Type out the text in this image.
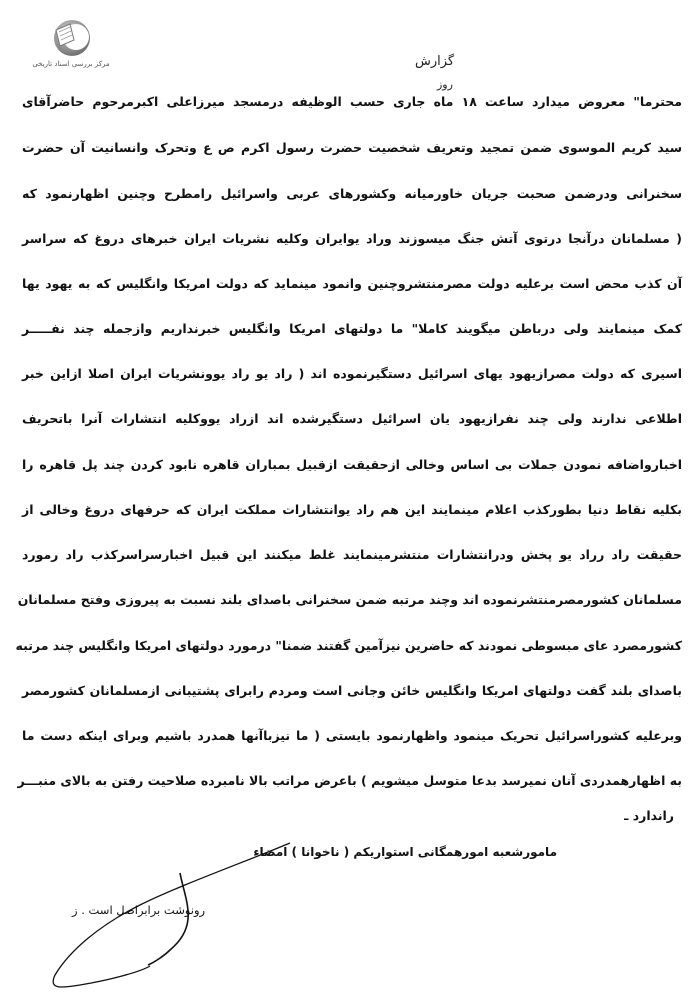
مرکز بررسی اسناد تاریخی	گزارش
روز
محترما" معروض میدارد ساعت ۱۸ ماه جاری حسب الوظیفه درمسجد میرزاعلی اکبرمرحوم حاضرآقای
سید کریم الموسوی ضمن تمجید وتعریف شخصیت حضرت رسول اکرم ص ع وتحرک وانسانیت آن حضرت
سخنرانی ودرضمن صحبت جریان خاورمیانه وکشورهای عربی واسرائیل رامطرح وچنین اظهارنمود که
( مسلمانان درآنجا درتوی آتش جنگ میسوزند وراد یوایران وکلیه نشریات ایران خبرهای دروغ که سراسر
آن کذب محض است برعلیه دولت مصرمنتشروچنین وانمود مینماید که دولت امریکا وانگلیس که به یهود یها
کمک مینمایند ولی درباطن میگویند کاملا" ما دولتهای امریکا وانگلیس خبرنداریم وازجمله چند نفـــــر
اسیری که دولت مصرازیهود یهای اسرائیل دستگیرنموده اند ( راد یو راد یوونشریات ایران اصلا ازاین خبر
اطلاعی ندارند ولی چند نفرازیهود یان اسرائیل دستگیرشده اند ازراد یووکلیه انتشارات آنرا باتحریف
اخبارواضافه نمودن جملات بی اساس وخالی ازحقیقت ازقبیل بمباران قاهره نابود کردن چند پل قاهره را
بکلیه نقاط دنیا بطورکذب اعلام مینمایند این هم راد یوانتشارات مملکت ایران که حرفهای دروغ وخالی از
حقیقت راد رراد یو پخش ودرانتشارات منتشرمینمایند غلط میکنند این قبیل اخبارسراسرکذب راد رمورد
مسلمانان کشورمصرمنتشرنموده اند وچند مرتبه ضمن سخنرانی باصدای بلند نسبت به پیروزی وفتح مسلمانان
کشورمصرد عای مبسوطی نمودند که حاضرین نیزآمین گفتند ضمنا" درمورد دولتهای امریکا وانگلیس چند مرتبه
باصدای بلند گفت دولتهای امریکا وانگلیس خائن وجانی است ومردم رابرای پشتیبانی ازمسلمانان کشورمصر
وبرعلیه کشوراسرائیل تحریک مینمود واظهارنمود بایستی ( ما نیزباآنها همدرد باشیم وبرای اینکه دست ما
به اظهارهمدردی آنان نمیرسد بدعا متوسل میشویم ) باعرض مراتب بالا نامبرده صلاحیت رفتن به بالای منبـــر
راندارد ـ
مامورشعبه امورهمگانی استواریکم ( ناخوانا ) امضاء
رونوشت برابراصل است . ز
